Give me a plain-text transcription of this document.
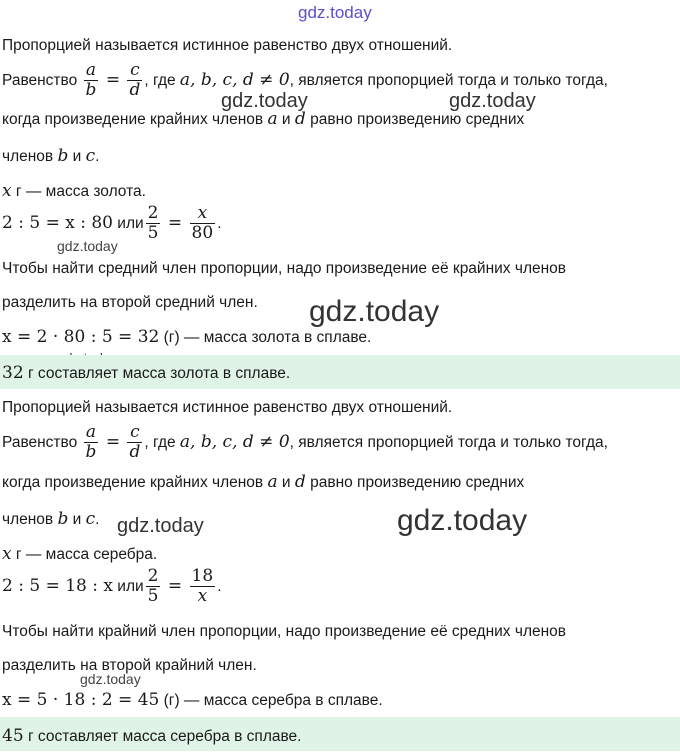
gdz.today
Пропорцией называется истинное равенство двух отношений.
Равенство $\frac{a}{b} = \frac{c}{d}$ , где a, b, c, d ≠ 0, является пропорцией тогда и только тогда,
gdz.today	gdz.today
когда произведение крайних членов a и d равно произведению средних
членов b и c.
x г — масса золота.
2 : 5 = x : 80 или $\frac{2}{5} = \frac{x}{80}$ .
gdz.today
Чтобы найти средний член пропорции, надо произведение её крайних членов
разделить на второй средний член. gdz.today
x = 2 · 80 : 5 = 32 (г) — масса золота в сплаве.
32 г составляет масса золота в сплаве.
Пропорцией называется истинное равенство двух отношений.
Равенство $\frac{a}{b} = \frac{c}{d}$ , где a, b, c, d ≠ 0, является пропорцией тогда и только тогда,
когда произведение крайних членов a и d равно произведению средних
членов b и c. gdz.today	gdz.today
x г — масса серебра.
2 : 5 = 18 : x или $\frac{2}{5} = \frac{18}{x}$ .
Чтобы найти крайний член пропорции, надо произведение её средних членов
разделить на второй крайний член.
gdz.today
x = 5 · 18 : 2 = 45 (г) — масса серебра в сплаве.
45 г составляет масса серебра в сплаве.
